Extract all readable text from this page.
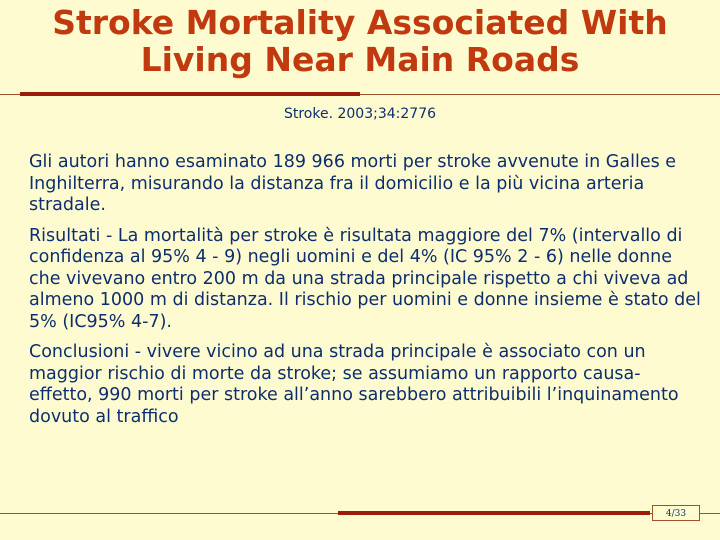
Stroke Mortality Associated With
Living Near Main Roads
Stroke. 2003;34:2776

Gli autori hanno esaminato 189 966 morti per stroke avvenute in Galles e Inghilterra, misurando la distanza fra il domicilio e la più vicina arteria stradale.

Risultati - La mortalità per stroke è risultata maggiore del 7% (intervallo di confidenza al 95% 4 - 9) negli uomini e del 4% (IC 95% 2 - 6) nelle donne che vivevano entro 200 m da una strada principale rispetto a chi viveva ad almeno 1000 m di distanza. Il rischio per uomini e donne insieme è stato del 5% (IC95% 4-7).

Conclusioni - vivere vicino ad una strada principale è associato con un maggior rischio di morte da stroke; se assumiamo un rapporto causa-effetto, 990 morti per stroke all’anno sarebbero attribuibili l’inquinamento dovuto al traffico

4/33
